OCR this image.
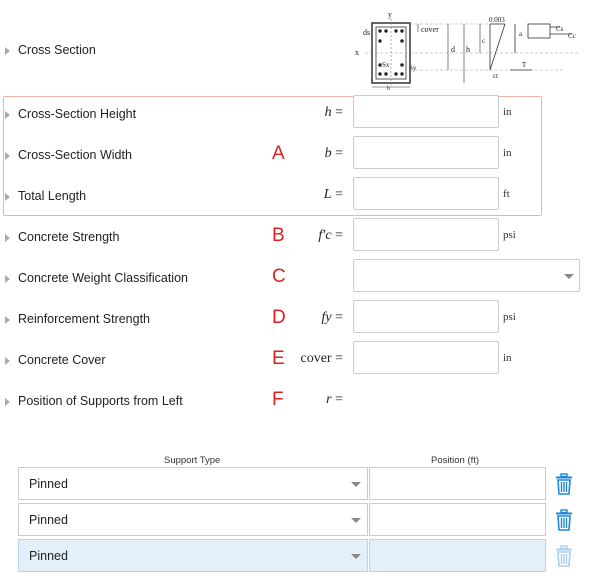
Cross Section
y
x
ds
Sx	Sy
b
cover
d h
c
0.003
εt
a
Cs
Cc
T
Cross-Section Height	h =	in
Cross-Section Width	A	b =	in
Total Length	L =	ft
Concrete Strength	B f′c =	psi
Concrete Weight Classification	C
Reinforcement Strength	D	fy =	psi
Concrete Cover	E cover =	in
Position of Supports from Left	F	r =
Support Type	Position (ft)
Pinned
Pinned
Pinned
